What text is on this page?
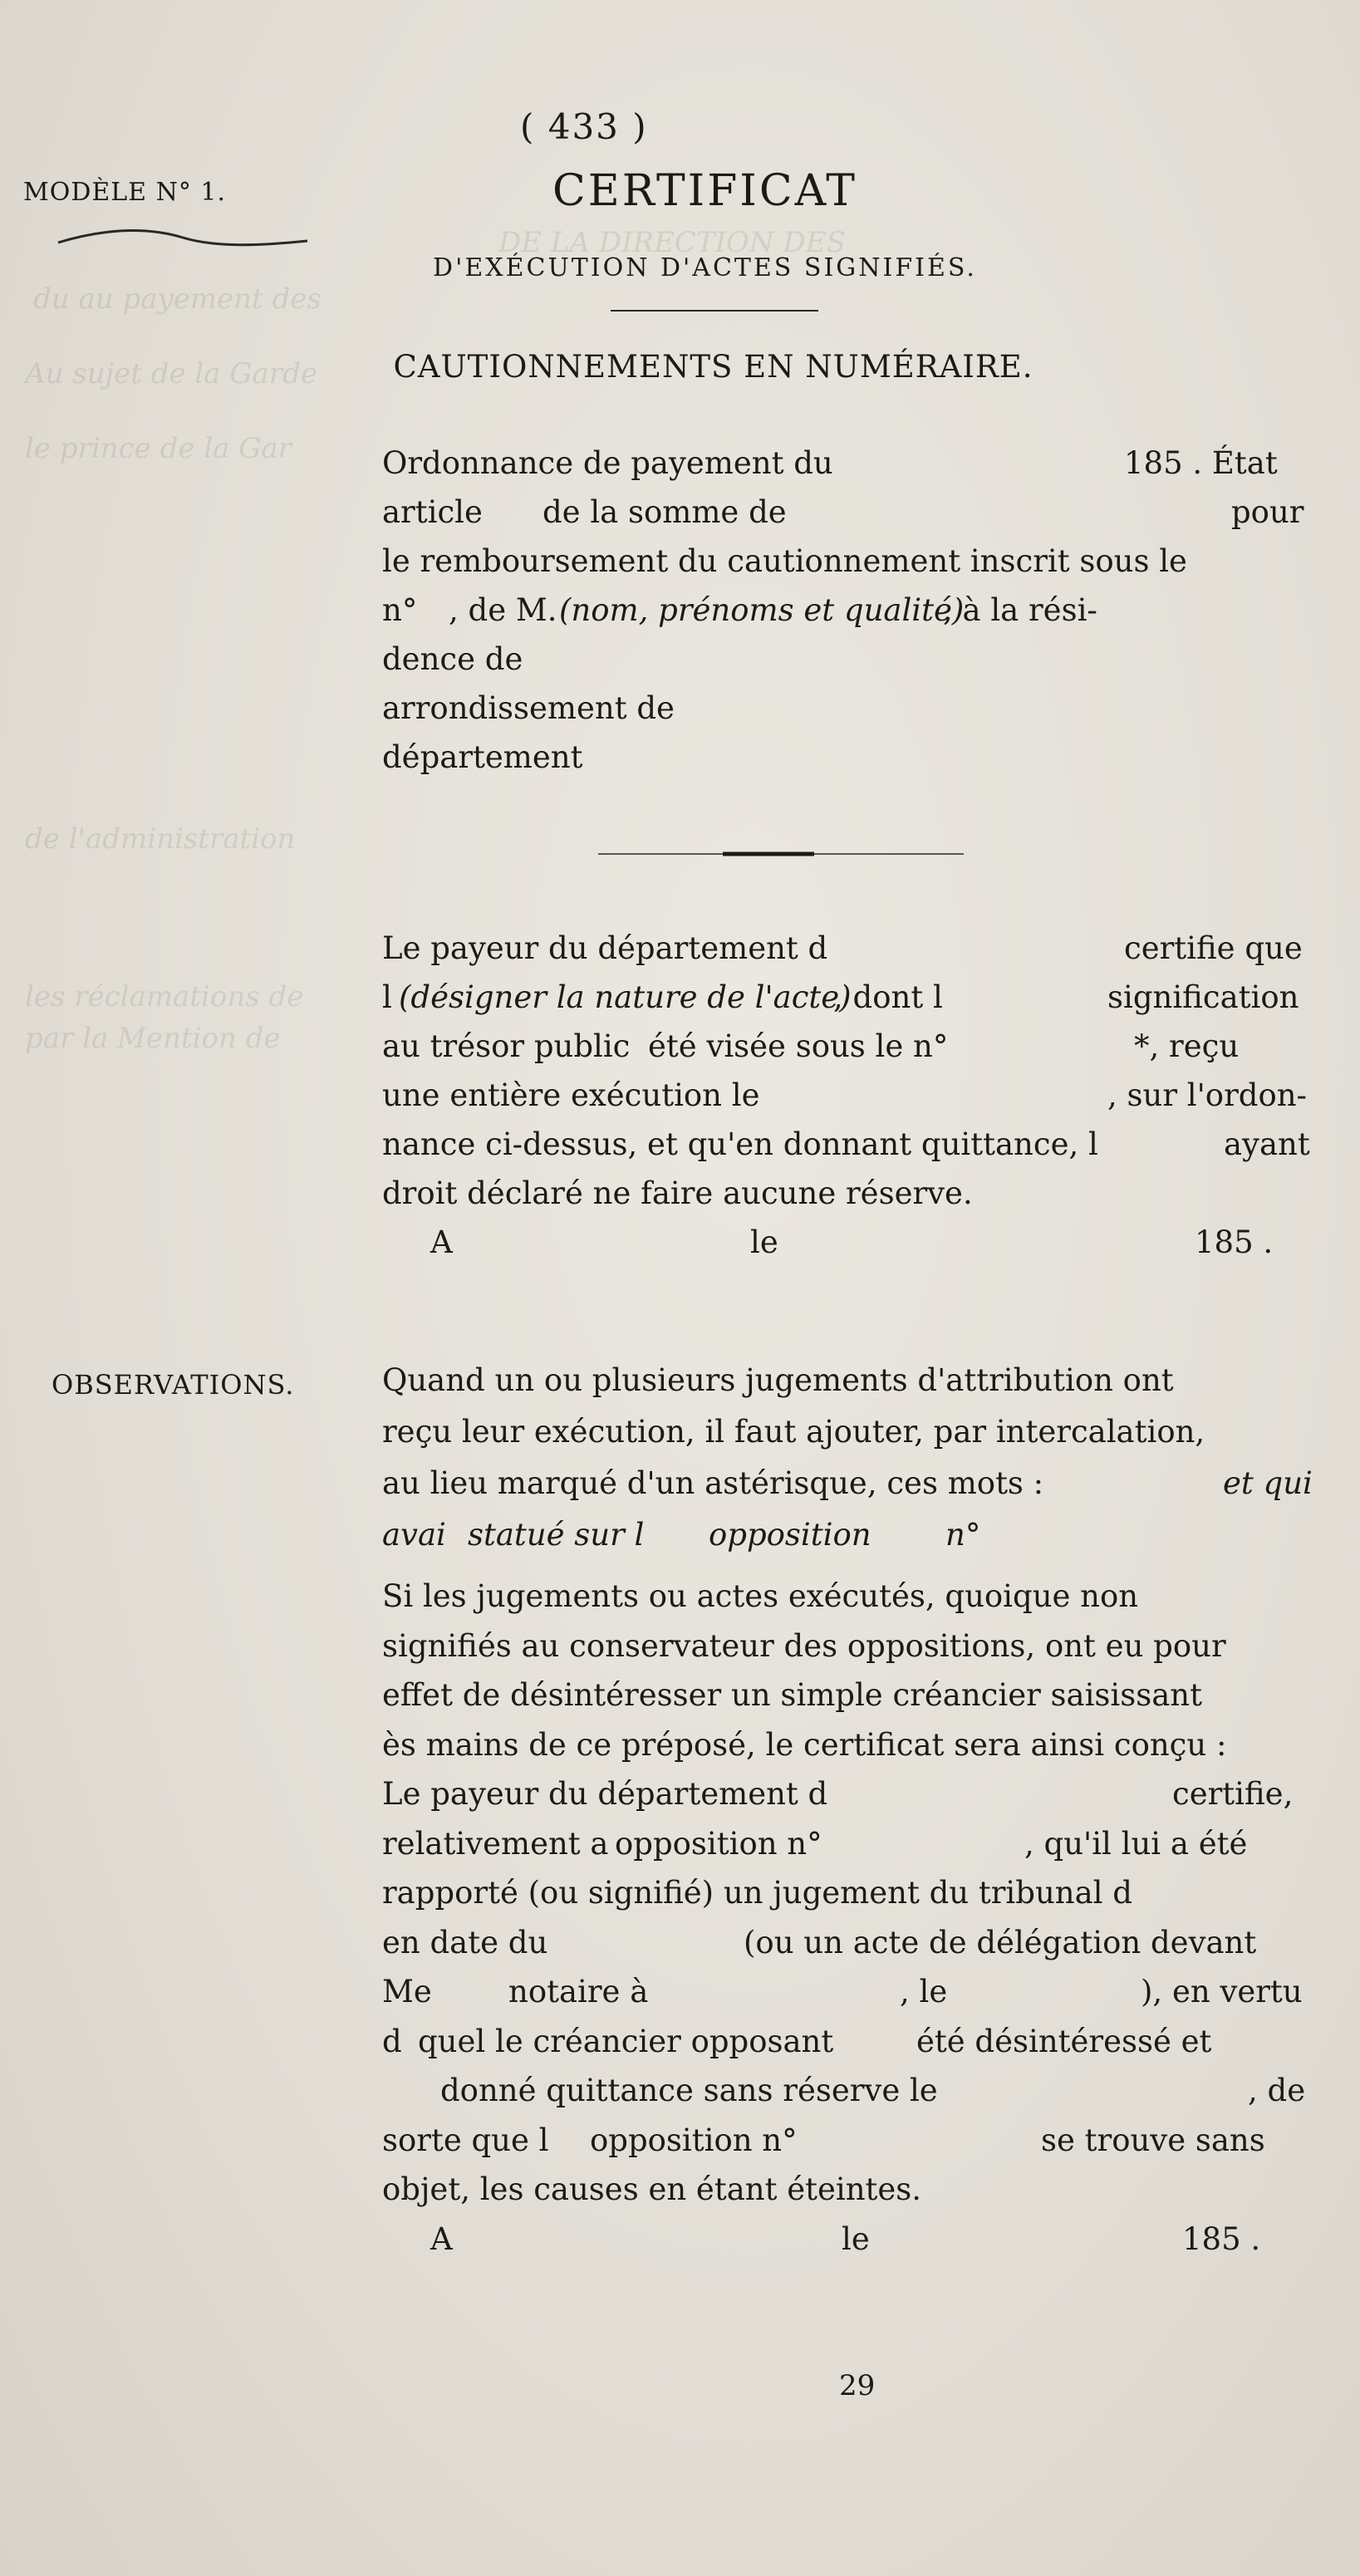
DE LA DIRECTION DES
du au payement des
Au sujet de la Garde
le prince de la Gar
de l'administration
les réclamations de
par la Mention de
( 433 )
MODÈLE N° 1.	CERTIFICAT
D'EXÉCUTION D'ACTES SIGNIFIÉS.
CAUTIONNEMENTS EN NUMÉRAIRE.
Ordonnance de payement du	185 . État
article de la somme de	pour
le remboursement du cautionnement inscrit sous le
n° , de M. (nom, prénoms et qualité)
, à la rési-
dence de
arrondissement de
département
Le payeur du département d	certifie que
l (désigner la nature de l'acte)
, dont l	signification
au trésor public été visée sous le n°	*, reçu
une entière exécution le	, sur l'ordon-
nance ci-dessus, et qu'en donnant quittance, l	ayant
droit déclaré ne faire aucune réserve.
A	le	185 .
OBSERVATIONS.	Quand un ou plusieurs jugements d'attribution ont
reçu leur exécution, il faut ajouter, par intercalation,
au lieu marqué d'un astérisque, ces mots :	et qui
avai statué sur l opposition n°
Si les jugements ou actes exécutés, quoique non
signifiés au conservateur des oppositions, ont eu pour
effet de désintéresser un simple créancier saisissant
ès mains de ce préposé, le certificat sera ainsi conçu :
Le payeur du département d	certifie,
relativement a opposition n°	, qu'il lui a été
rapporté (ou signifié) un jugement du tribunal d
en date du	(ou un acte de délégation devant
Me notaire à	, le	), en vertu
d quel le créancier opposant	été désintéressé et
donné quittance sans réserve le	, de
sorte que l opposition n°	se trouve sans
objet, les causes en étant éteintes.
A	le	185 .
29
